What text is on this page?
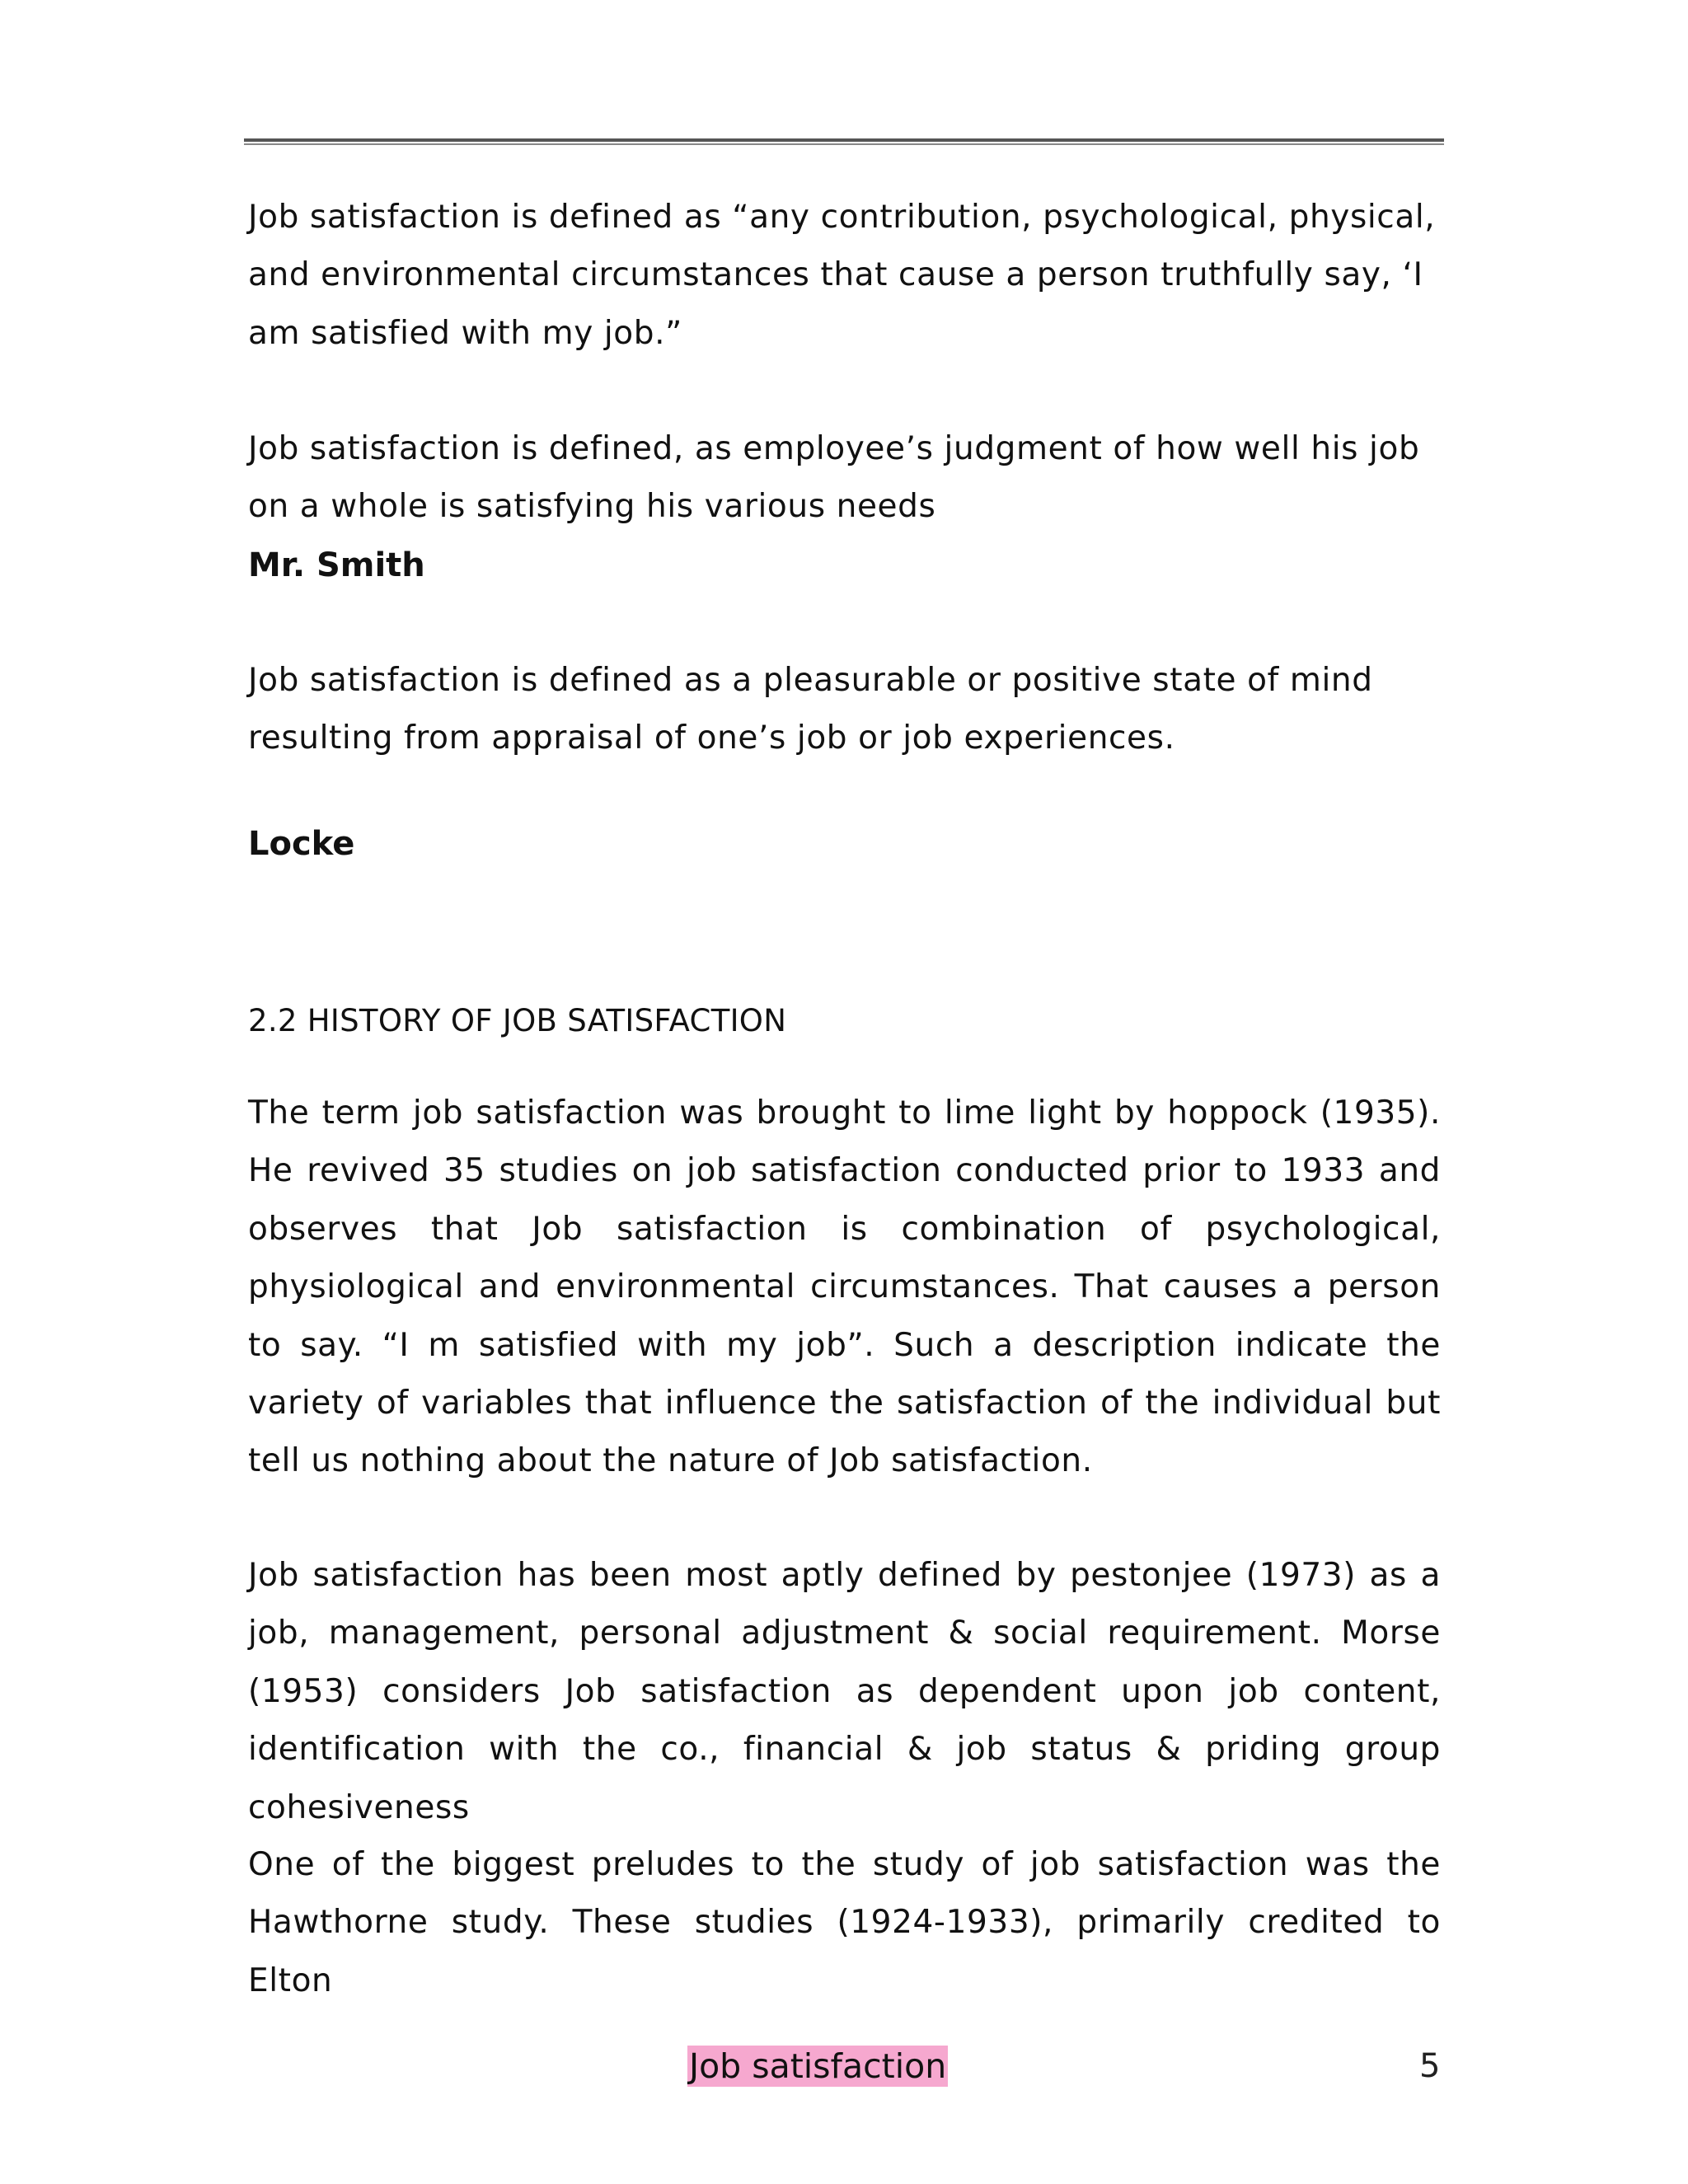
Job satisfaction is defined as “any contribution, psychological, physical, and environmental circumstances that cause a person truthfully say, ‘I am satisfied with my job.”

Job satisfaction is defined, as employee’s judgment of how well his job on a whole is satisfying his various needs

Mr. Smith

Job satisfaction is defined as a pleasurable or positive state of mind resulting from appraisal of one’s job or job experiences.

Locke

2.2 HISTORY OF JOB SATISFACTION

The term job satisfaction was brought to lime light by hoppock (1935). He revived 35 studies on job satisfaction conducted prior to 1933 and observes that Job satisfaction is combination of psychological, physiological and environmental circumstances. That causes a person to say. “I m satisfied with my job”. Such a description indicate the variety of variables that influence the satisfaction of the individual but tell us nothing about the nature of Job satisfaction.

Job satisfaction has been most aptly defined by pestonjee (1973) as a job, management, personal adjustment & social requirement. Morse (1953) considers Job satisfaction as dependent upon job content, identification with the co., financial & job status & priding group cohesiveness

One of the biggest preludes to the study of job satisfaction was the Hawthorne study. These studies (1924-1933), primarily credited to Elton

Job satisfaction	5
